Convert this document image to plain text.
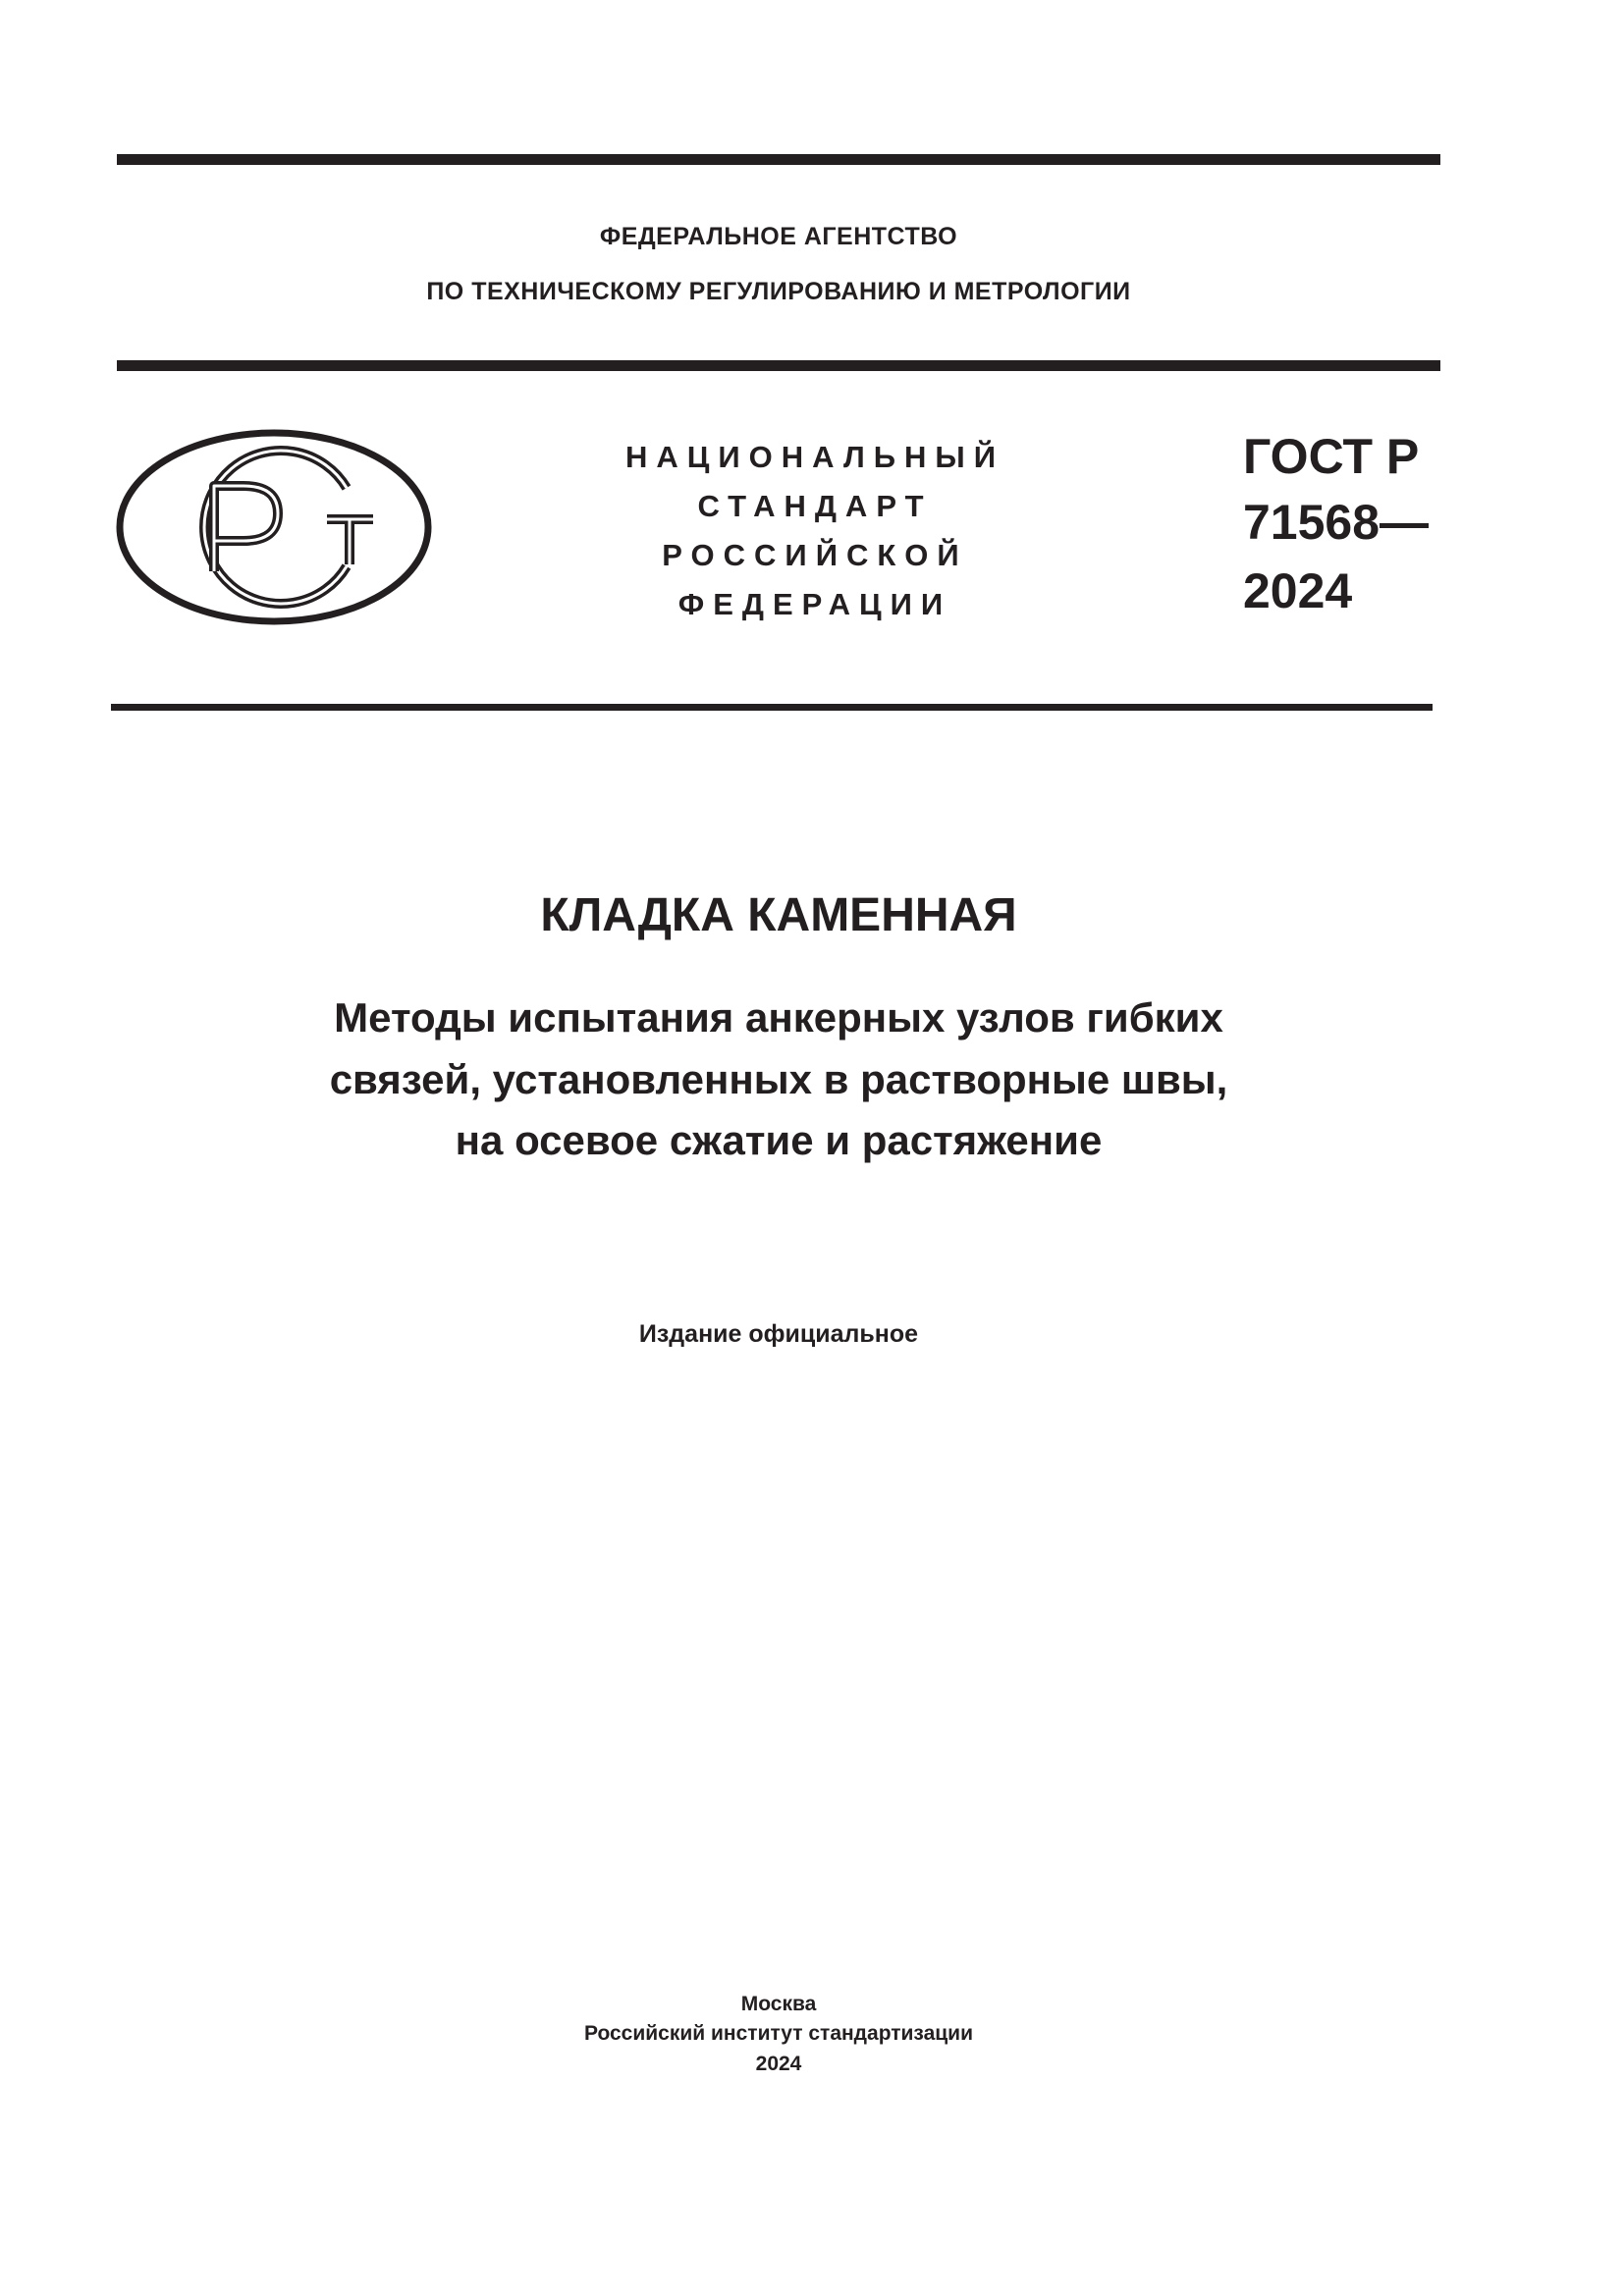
ФЕДЕРАЛЬНОЕ АГЕНТСТВО
ПО ТЕХНИЧЕСКОМУ РЕГУЛИРОВАНИЮ И МЕТРОЛОГИИ
НАЦИОНАЛЬНЫЙ
СТАНДАРТ
РОССИЙСКОЙ
ФЕДЕРАЦИИ
ГОСТ Р
71568—
2024
КЛАДКА КАМЕННАЯ
Методы испытания анкерных узлов гибких
связей, установленных в растворные швы,
на осевое сжатие и растяжение
Издание официальное
Москва
Российский институт стандартизации
2024
